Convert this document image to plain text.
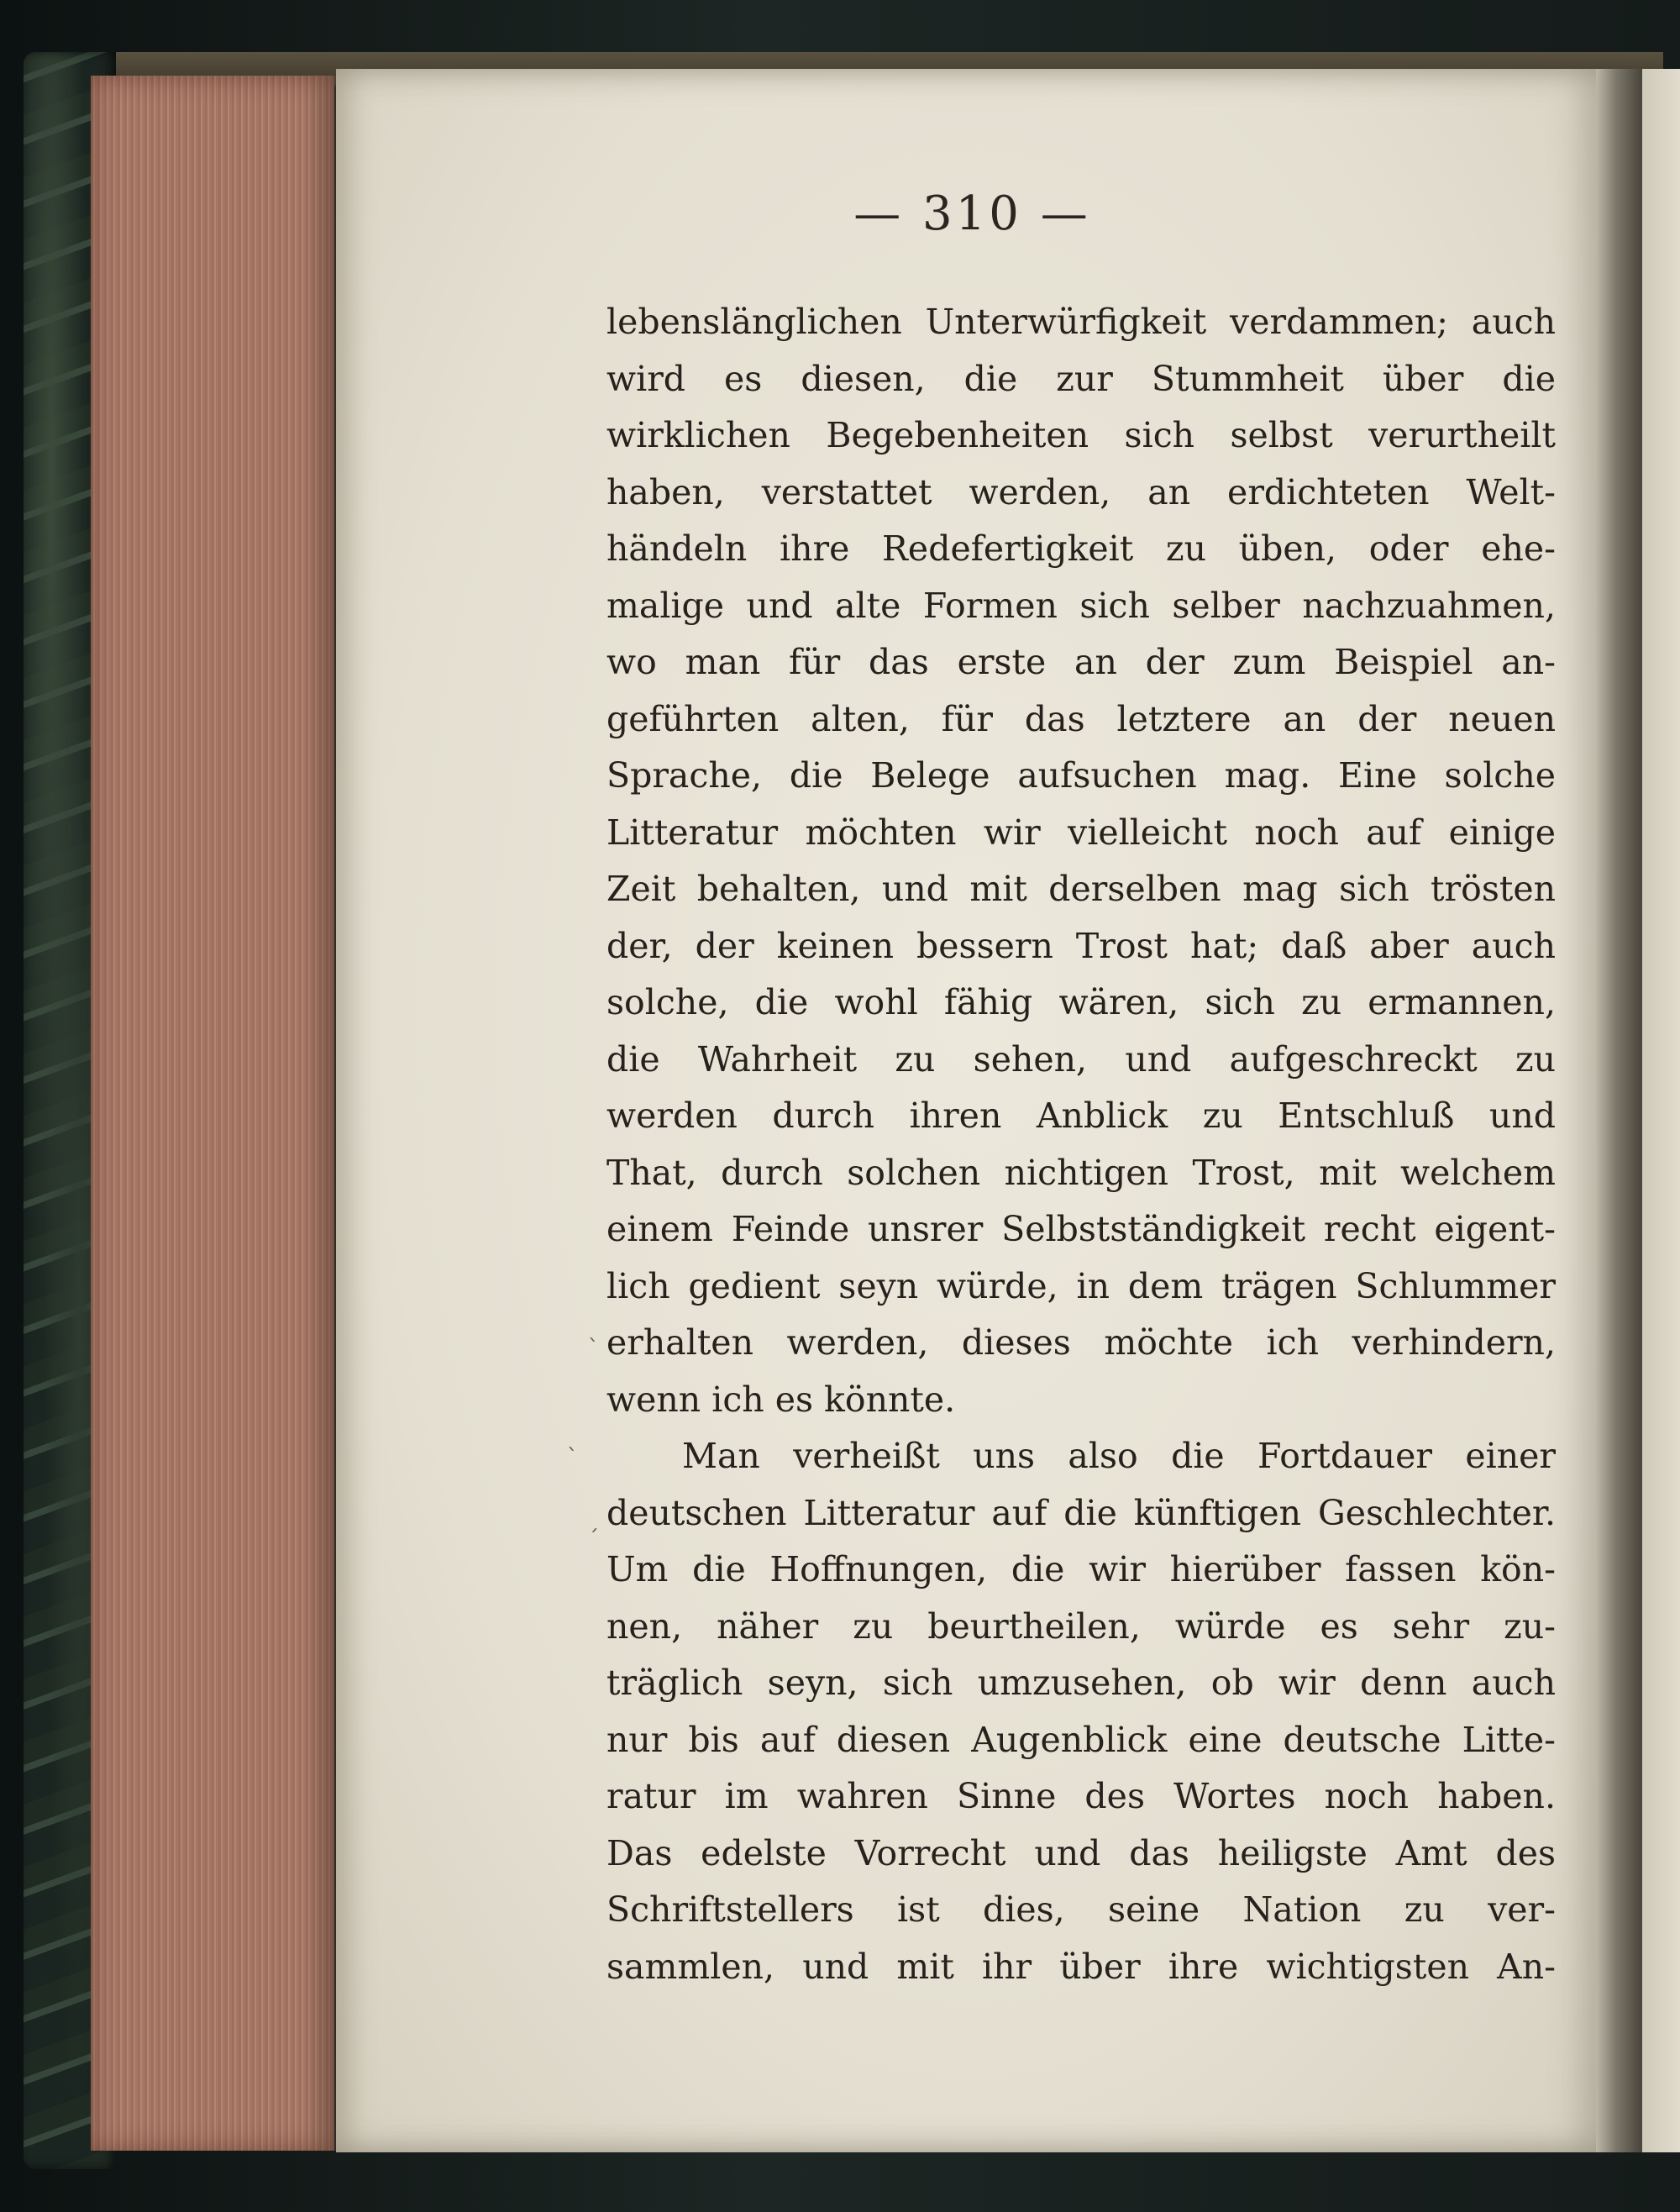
— 310 —
lebenslänglichen Unterwürfigkeit verdammen; auch
wird es diesen, die zur Stummheit über die
wirklichen Begebenheiten sich selbst verurtheilt
haben, verstattet werden, an erdichteten Welt-
händeln ihre Redefertigkeit zu üben, oder ehe-
malige und alte Formen sich selber nachzuahmen,
wo man für das erste an der zum Beispiel an-
geführten alten, für das letztere an der neuen
Sprache, die Belege aufsuchen mag. Eine solche
Litteratur möchten wir vielleicht noch auf einige
Zeit behalten, und mit derselben mag sich trösten
der, der keinen bessern Trost hat; daß aber auch
solche, die wohl fähig wären, sich zu ermannen,
die Wahrheit zu sehen, und aufgeschreckt zu
werden durch ihren Anblick zu Entschluß und
That, durch solchen nichtigen Trost, mit welchem
einem Feinde unsrer Selbstständigkeit recht eigent-
lich gedient seyn würde, in dem trägen Schlummer
erhalten werden, dieses möchte ich verhindern,
wenn ich es könnte.
Man verheißt uns also die Fortdauer einer
deutschen Litteratur auf die künftigen Geschlechter.
Um die Hoffnungen, die wir hierüber fassen kön-
nen, näher zu beurtheilen, würde es sehr zu-
träglich seyn, sich umzusehen, ob wir denn auch
nur bis auf diesen Augenblick eine deutsche Litte-
ratur im wahren Sinne des Wortes noch haben.
Das edelste Vorrecht und das heiligste Amt des
Schriftstellers ist dies, seine Nation zu ver-
sammlen, und mit ihr über ihre wichtigsten An-
ˋ
ˋ
ˏ
